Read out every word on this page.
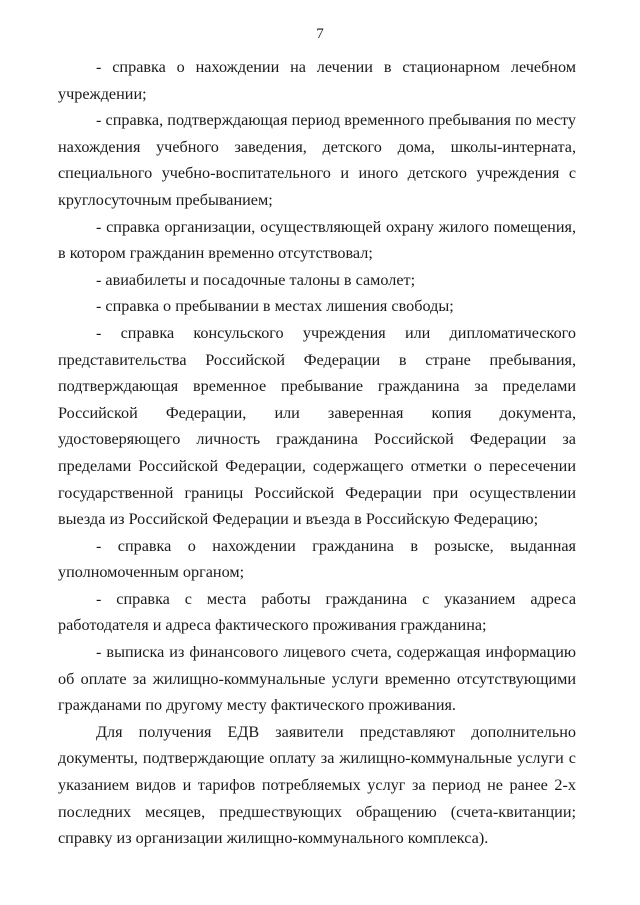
7

- справка о нахождении на лечении в стационарном лечебном учреждении;

- справка, подтверждающая период временного пребывания по месту нахождения учебного заведения, детского дома, школы-интерната, специального учебно-воспитательного и иного детского учреждения с круглосуточным пребыванием;

- справка организации, осуществляющей охрану жилого помещения, в котором гражданин временно отсутствовал;

- авиабилеты и посадочные талоны в самолет;

- справка о пребывании в местах лишения свободы;

- справка консульского учреждения или дипломатического представительства Российской Федерации в стране пребывания, подтверждающая временное пребывание гражданина за пределами Российской Федерации, или заверенная копия документа, удостоверяющего личность гражданина Российской Федерации за пределами Российской Федерации, содержащего отметки о пересечении государственной границы Российской Федерации при осуществлении выезда из Российской Федерации и въезда в Российскую Федерацию;

- справка о нахождении гражданина в розыске, выданная уполномоченным органом;

- справка с места работы гражданина с указанием адреса работодателя и адреса фактического проживания гражданина;

- выписка из финансового лицевого счета, содержащая информацию об оплате за жилищно-коммунальные услуги временно отсутствующими гражданами по другому месту фактического проживания.

Для получения ЕДВ заявители представляют дополнительно документы, подтверждающие оплату за жилищно-коммунальные услуги с указанием видов и тарифов потребляемых услуг за период не ранее 2-х последних месяцев, предшествующих обращению (счета-квитанции; справку из организации жилищно-коммунального комплекса).
